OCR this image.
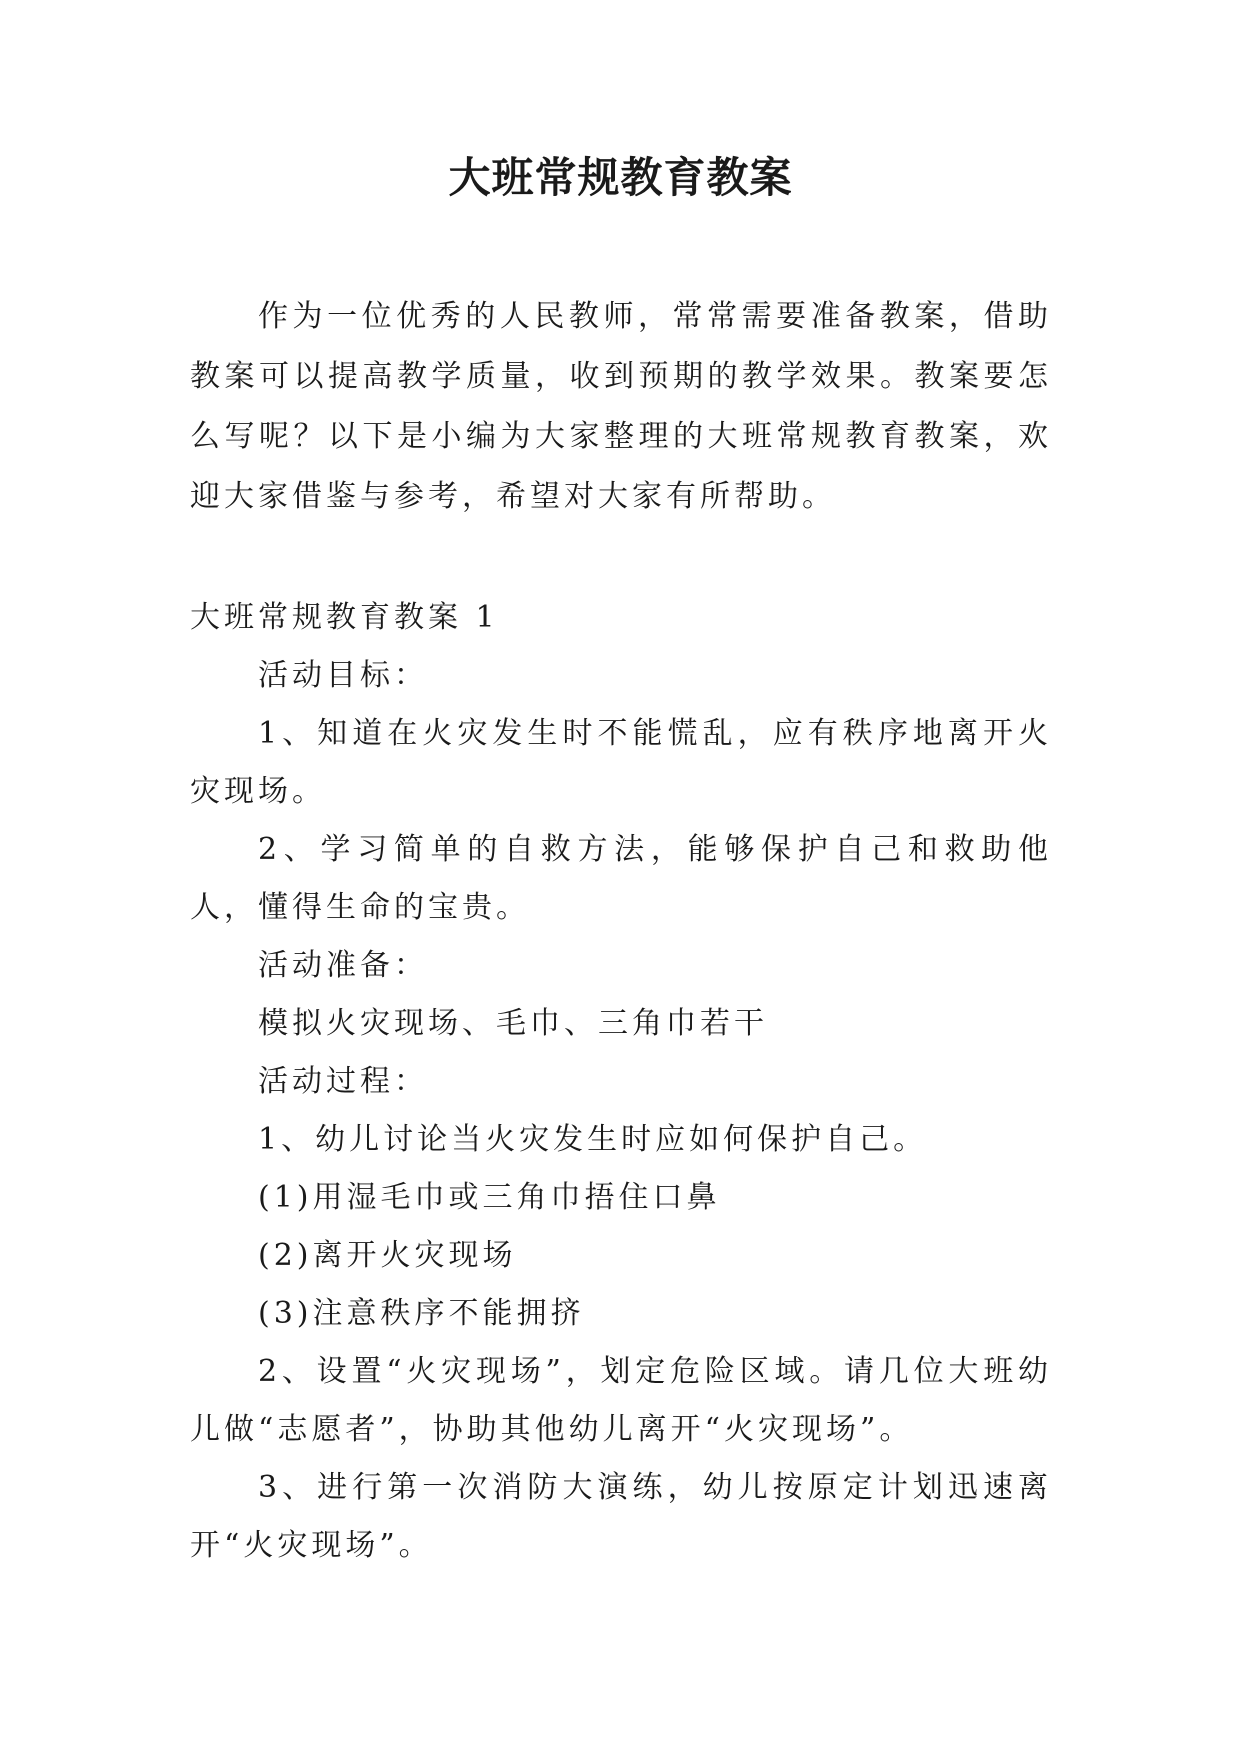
大班常规教育教案

作为一位优秀的人民教师，常常需要准备教案，借助教案可以提高教学质量，收到预期的教学效果。教案要怎么写呢？以下是小编为大家整理的大班常规教育教案，欢迎大家借鉴与参考，希望对大家有所帮助。

大班常规教育教案 1

活动目标：

1、知道在火灾发生时不能慌乱，应有秩序地离开火灾现场。

2、学习简单的自救方法，能够保护自己和救助他人，懂得生命的宝贵。

活动准备：

模拟火灾现场、毛巾、三角巾若干

活动过程：

1、幼儿讨论当火灾发生时应如何保护自己。

(1)用湿毛巾或三角巾捂住口鼻

(2)离开火灾现场

(3)注意秩序不能拥挤

2、设置“火灾现场”，划定危险区域。请几位大班幼儿做“志愿者”，协助其他幼儿离开“火灾现场”。

3、进行第一次消防大演练，幼儿按原定计划迅速离开“火灾现场”。
